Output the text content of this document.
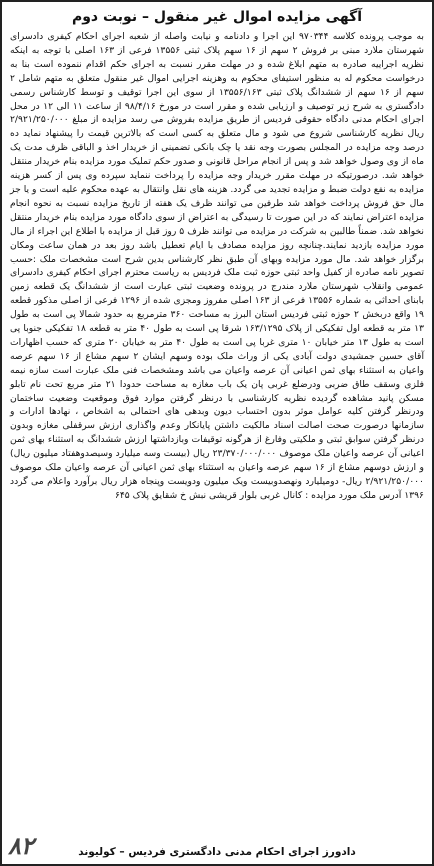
آگهی مزایده اموال غیر منقول – نوبت دوم
به موجب پرونده کلاسه ۹۷۰۳۴۴ این اجرا و دادنامه و نیابت واصله از شعبه اجرای احکام کیفری دادسرای شهرستان ملارد مبنی بر فروش ۲ سهم از ۱۶ سهم پلاک ثبتی ۱۳۵۵۶ فرعی از ۱۶۳ اصلی با توجه به اینکه نظریه اجراییه صادره به متهم ابلاغ شده و در مهلت مقرر نسبت به اجرای حکم اقدام ننموده است بنا به درخواست محکوم له به منظور استیفای محکوم به وهزینه اجرایی اموال غیر منقول متعلق به متهم شامل ۲ سهم از ۱۶ سهم از ششدانگ پلاک ثبتی ۱۳۵۵۶/۱۶۳ از سوی این اجرا توقیف و توسط کارشناس رسمی دادگستری به شرح زیر توصیف و ارزیابی شده و مقرر است در مورخ ۹۸/۴/۱۶ از ساعت ۱۱ الی ۱۲ در محل اجرای احکام مدنی دادگاه حقوقی فردیس از طریق مزایده بفروش می رسد مزایده از مبلغ ۲/۹۲۱/۲۵۰/۰۰۰ ریال نظریه کارشناسی شروع می شود و مال متعلق به کسی است که بالاترین قیمت را پیشنهاد نماید ده درصد وجه مزایده در المجلس بصورت وجه نقد یا چک بانکی تضمینی از خریدار اخذ و الباقی ظرف مدت یک ماه از وی وصول خواهد شد و پس از انجام مراحل قانونی و صدور حکم تملیک مورد مزایده بنام خریدار منتقل خواهد شد. درصورتیکه در مهلت مقرر خریدار وجه مزایده را پرداخت ننماید سپرده وی پس از کسر هزینه مزایده به نفع دولت ضبط و مزایده تجدید می گردد. هزینه های نقل وانتقال به عهده محکوم علیه است و یا جز مال حق فروش پرداخت خواهد شد طرفین می توانند ظرف یک هفته از تاریخ مزایده نسبت به نحوه انجام مزایده اعتراض نمایند که در این صورت تا رسیدگی به اعتراض از سوی دادگاه مورد مزایده بنام خریدار منتقل نخواهد شد. ضمناً طالبین به شرکت در مزایده می توانند ظرف ۵ روز قبل از مزایده با اطلاع این اجراء از مال مورد مزایده بازدید نمایند.چنانچه روز مزایده مصادف با ایام تعطیل باشد روز بعد در همان ساعت ومکان برگزار خواهد شد. مال مورد مزایده وبهای آن طبق نظر کارشناس بدین شرح است مشخصات ملک :حسب تصویر نامه صادره از کفیل واحد ثبتی حوزه ثبت ملک فردیس به ریاست محترم اجرای احکام کیفری دادسرای عمومی وانقلاب شهرستان ملارد مندرج در پرونده وضعیت ثبتی عبارت است از ششدانگ یک قطعه زمین بابنای احداثی به شماره ۱۳۵۵۶ فرعی از ۱۶۳ اصلی مفروز ومجزی شده از ۱۲۹۶ فرعی از اصلی مذکور قطعه ۱۹ واقع دربخش ۲ حوزه ثبتی فردیس استان البرز به مساحت ۳۶۰ مترمربع به حدود شمالا پی است به طول ۱۳ متر به قطعه اول تفکیکی از پلاک ۱۶۳/۱۲۹۵ شرقا پی است به طول ۴۰ متر به قطعه ۱۸ تفکیکی جنوبا پی است به طول ۱۳ متر خیابان ۱۰ متری غربا پی است به طول ۴۰ متر به خیابان ۲۰ متری که حسب اظهارات آقای حسین جمشیدی دولت آبادی یکی از وراث ملک بوده وسهم ایشان ۲ سهم مشاع از ۱۶ سهم عرصه واعیان به استثناء بهای ثمن اعیانی آن عرصه واعیان می باشد ومشخصات فنی ملک عبارت است سازه نیمه فلزی وسقف طاق ضربی ودرضلع غربی پان یک باب مغازه به مساحت حدودا ۲۱ متر مربع تحت نام تابلو مسکن پانید مشاهده گردیده نظریه کارشناسی با درنظر گرفتن موارد فوق وموقعیت وضعیت ساختمان ودرنظر گرفتن کلیه عوامل موثر بدون احتساب دیون وبدهی های احتمالی به اشخاص ، نهادها ادارات و سازمانها درصورت صحت اصالت اسناد مالکیت داشتن پایانکار وعدم واگذاری ارزش سرقفلی مغازه وبدون درنظر گرفتن سوابق ثبتی و ملکیتی وفارغ از هرگونه توقیفات وبازداشتها ارزش ششدانگ به استثناء بهای ثمن اعیانی آن عرصه واعیان ملک موصوف ۲۳/۳۷۰/۰۰۰/۰۰۰ ریال (بیست وسه میلیارد وسیصدوهفتاد میلیون ریال) و ارزش دوسهم مشاع از ۱۶ سهم عرصه واعیان به استثناء بهای ثمن اعیانی آن عرصه واعیان ملک موصوف ۲/۹۲۱/۲۵۰/۰۰۰ ریال- دومیلیارد ونهصدوبیست ویک میلیون ودویست وپنجاه هزار ریال برآورد واعلام می گردد ۱۳۹۶ آدرس ملک مورد مزایده : کانال غربی بلوار قریشی نبش خ شقایق پلاک ۶۴۵
دادورز اجرای احکام مدنی دادگستری فردیس – کولیوند
۸۲
